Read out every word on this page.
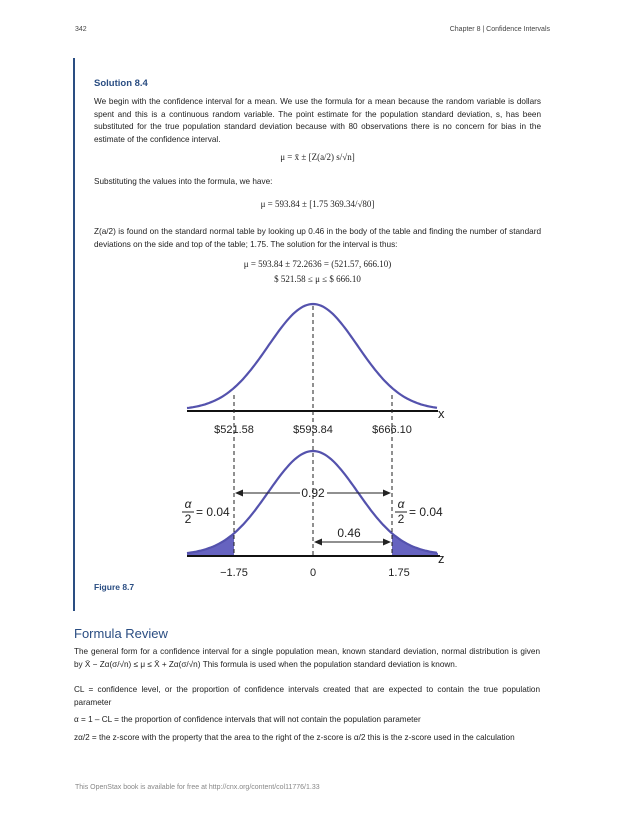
342	Chapter 8 | Confidence Intervals
Solution 8.4
We begin with the confidence interval for a mean. We use the formula for a mean because the random variable is dollars spent and this is a continuous random variable. The point estimate for the population standard deviation, s, has been substituted for the true population standard deviation because with 80 observations there is no concern for bias in the estimate of the confidence interval.
μ = x̄ ± [Z(a/2) s/√n]
Substituting the values into the formula, we have:
μ = 593.84 ± [1.75 369.34/√80]
Z(a/2) is found on the standard normal table by looking up 0.46 in the body of the table and finding the number of standard deviations on the side and top of the table; 1.75. The solution for the interval is thus:
μ = 593.84 ± 72.2636 = (521.57, 666.10)
$ 521.58 ≤ μ ≤ $ 666.10
x
$521.58	$593.84	$666.10
z
−1.75	0	1.75
0.92
0.46
α
2 = 0.04
α
2 = 0.04
Figure 8.7
Formula Review
The general form for a confidence interval for a single population mean, known standard deviation, normal distribution is given by X̄ − Zα(σ/√n) ≤ μ ≤ X̄ + Zα(σ/√n) This formula is used when the population standard deviation is known.
CL = confidence level, or the proportion of confidence intervals created that are expected to contain the true population parameter
α = 1 – CL = the proportion of confidence intervals that will not contain the population parameter
zα/2 = the z-score with the property that the area to the right of the z-score is α/2 this is the z-score used in the calculation
This OpenStax book is available for free at http://cnx.org/content/col11776/1.33
